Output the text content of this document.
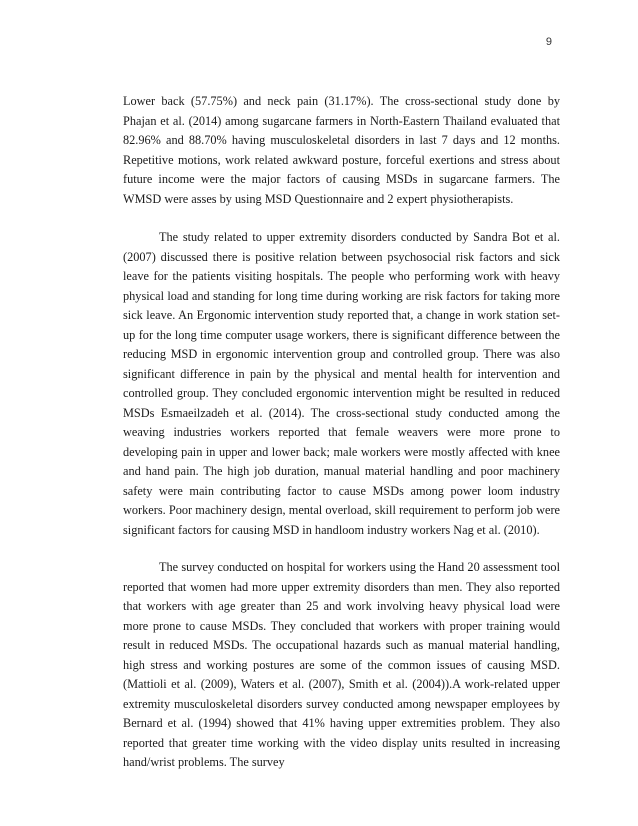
9

Lower back (57.75%) and neck pain (31.17%). The cross-sectional study done by Phajan et al. (2014) among sugarcane farmers in North-Eastern Thailand evaluated that 82.96% and 88.70% having musculoskeletal disorders in last 7 days and 12 months. Repetitive motions, work related awkward posture, forceful exertions and stress about future income were the major factors of causing MSDs in sugarcane farmers. The WMSD were asses by using MSD Questionnaire and 2 expert physiotherapists.

The study related to upper extremity disorders conducted by Sandra Bot et al. (2007) discussed there is positive relation between psychosocial risk factors and sick leave for the patients visiting hospitals. The people who performing work with heavy physical load and standing for long time during working are risk factors for taking more sick leave. An Ergonomic intervention study reported that, a change in work station set-up for the long time computer usage workers, there is significant difference between the reducing MSD in ergonomic intervention group and controlled group. There was also significant difference in pain by the physical and mental health for intervention and controlled group. They concluded ergonomic intervention might be resulted in reduced MSDs Esmaeilzadeh et al. (2014). The cross-sectional study conducted among the weaving industries workers reported that female weavers were more prone to developing pain in upper and lower back; male workers were mostly affected with knee and hand pain. The high job duration, manual material handling and poor machinery safety were main contributing factor to cause MSDs among power loom industry workers. Poor machinery design, mental overload, skill requirement to perform job were significant factors for causing MSD in handloom industry workers Nag et al. (2010).

The survey conducted on hospital for workers using the Hand 20 assessment tool reported that women had more upper extremity disorders than men. They also reported that workers with age greater than 25 and work involving heavy physical load were more prone to cause MSDs. They concluded that workers with proper training would result in reduced MSDs. The occupational hazards such as manual material handling, high stress and working postures are some of the common issues of causing MSD. (Mattioli et al. (2009), Waters et al. (2007), Smith et al. (2004)).A work-related upper extremity musculoskeletal disorders survey conducted among newspaper employees by Bernard et al. (1994) showed that 41% having upper extremities problem. They also reported that greater time working with the video display units resulted in increasing hand/wrist problems. The survey
